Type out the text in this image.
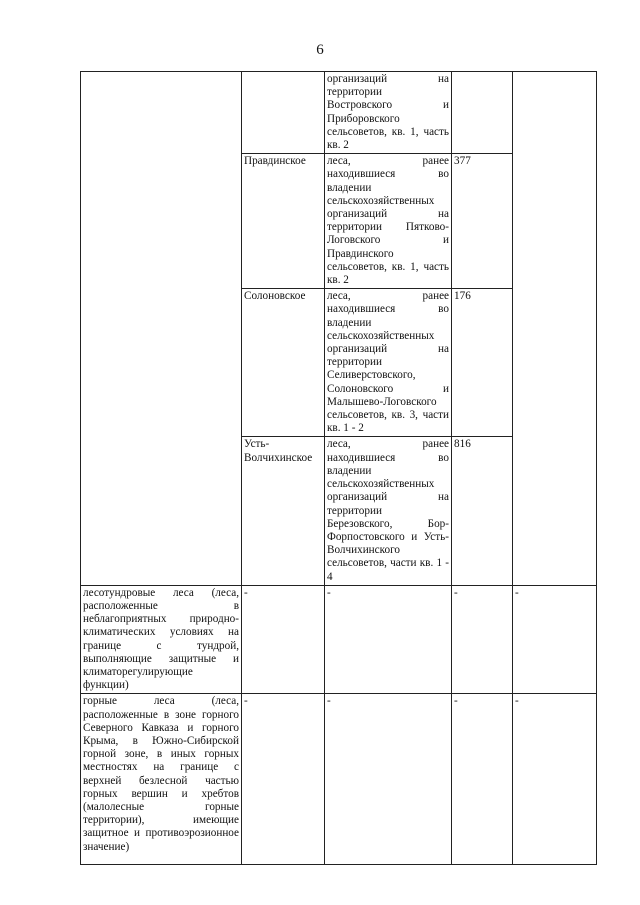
6
		организаций на территории Востровского и Приборовского сельсоветов, кв. 1, часть кв. 2		
	Правдинское	леса, ранее находившиеся во владении сельскохозяйственных организаций на территории Пятково-Логовского и Правдинского сельсоветов, кв. 1, часть кв. 2	377	
	Солоновское	леса, ранее находившиеся во владении сельскохозяйственных организаций на территории Селиверстовского, Солоновского и Малышево-Логовского сельсоветов, кв. 3, части кв. 1 - 2	176	
	Усть-Волчихинское	леса, ранее находившиеся во владении сельскохозяйственных организаций на территории Березовского, Бор-Форпостовского и Усть-Волчихинского сельсоветов, части кв. 1 - 4	816	
лесотундровые леса (леса, расположенные в неблагоприятных природно-климатических условиях на границе с тундрой, выполняющие защитные и климаторегулирующие функции)	-	-	-	-
горные леса (леса, расположенные в зоне горного Северного Кавказа и горного Крыма, в Южно-Сибирской горной зоне, в иных горных местностях на границе с верхней безлесной частью горных вершин и хребтов (малолесные горные территории), имеющие защитное и противоэрозионное значение)	-	-	-	-
